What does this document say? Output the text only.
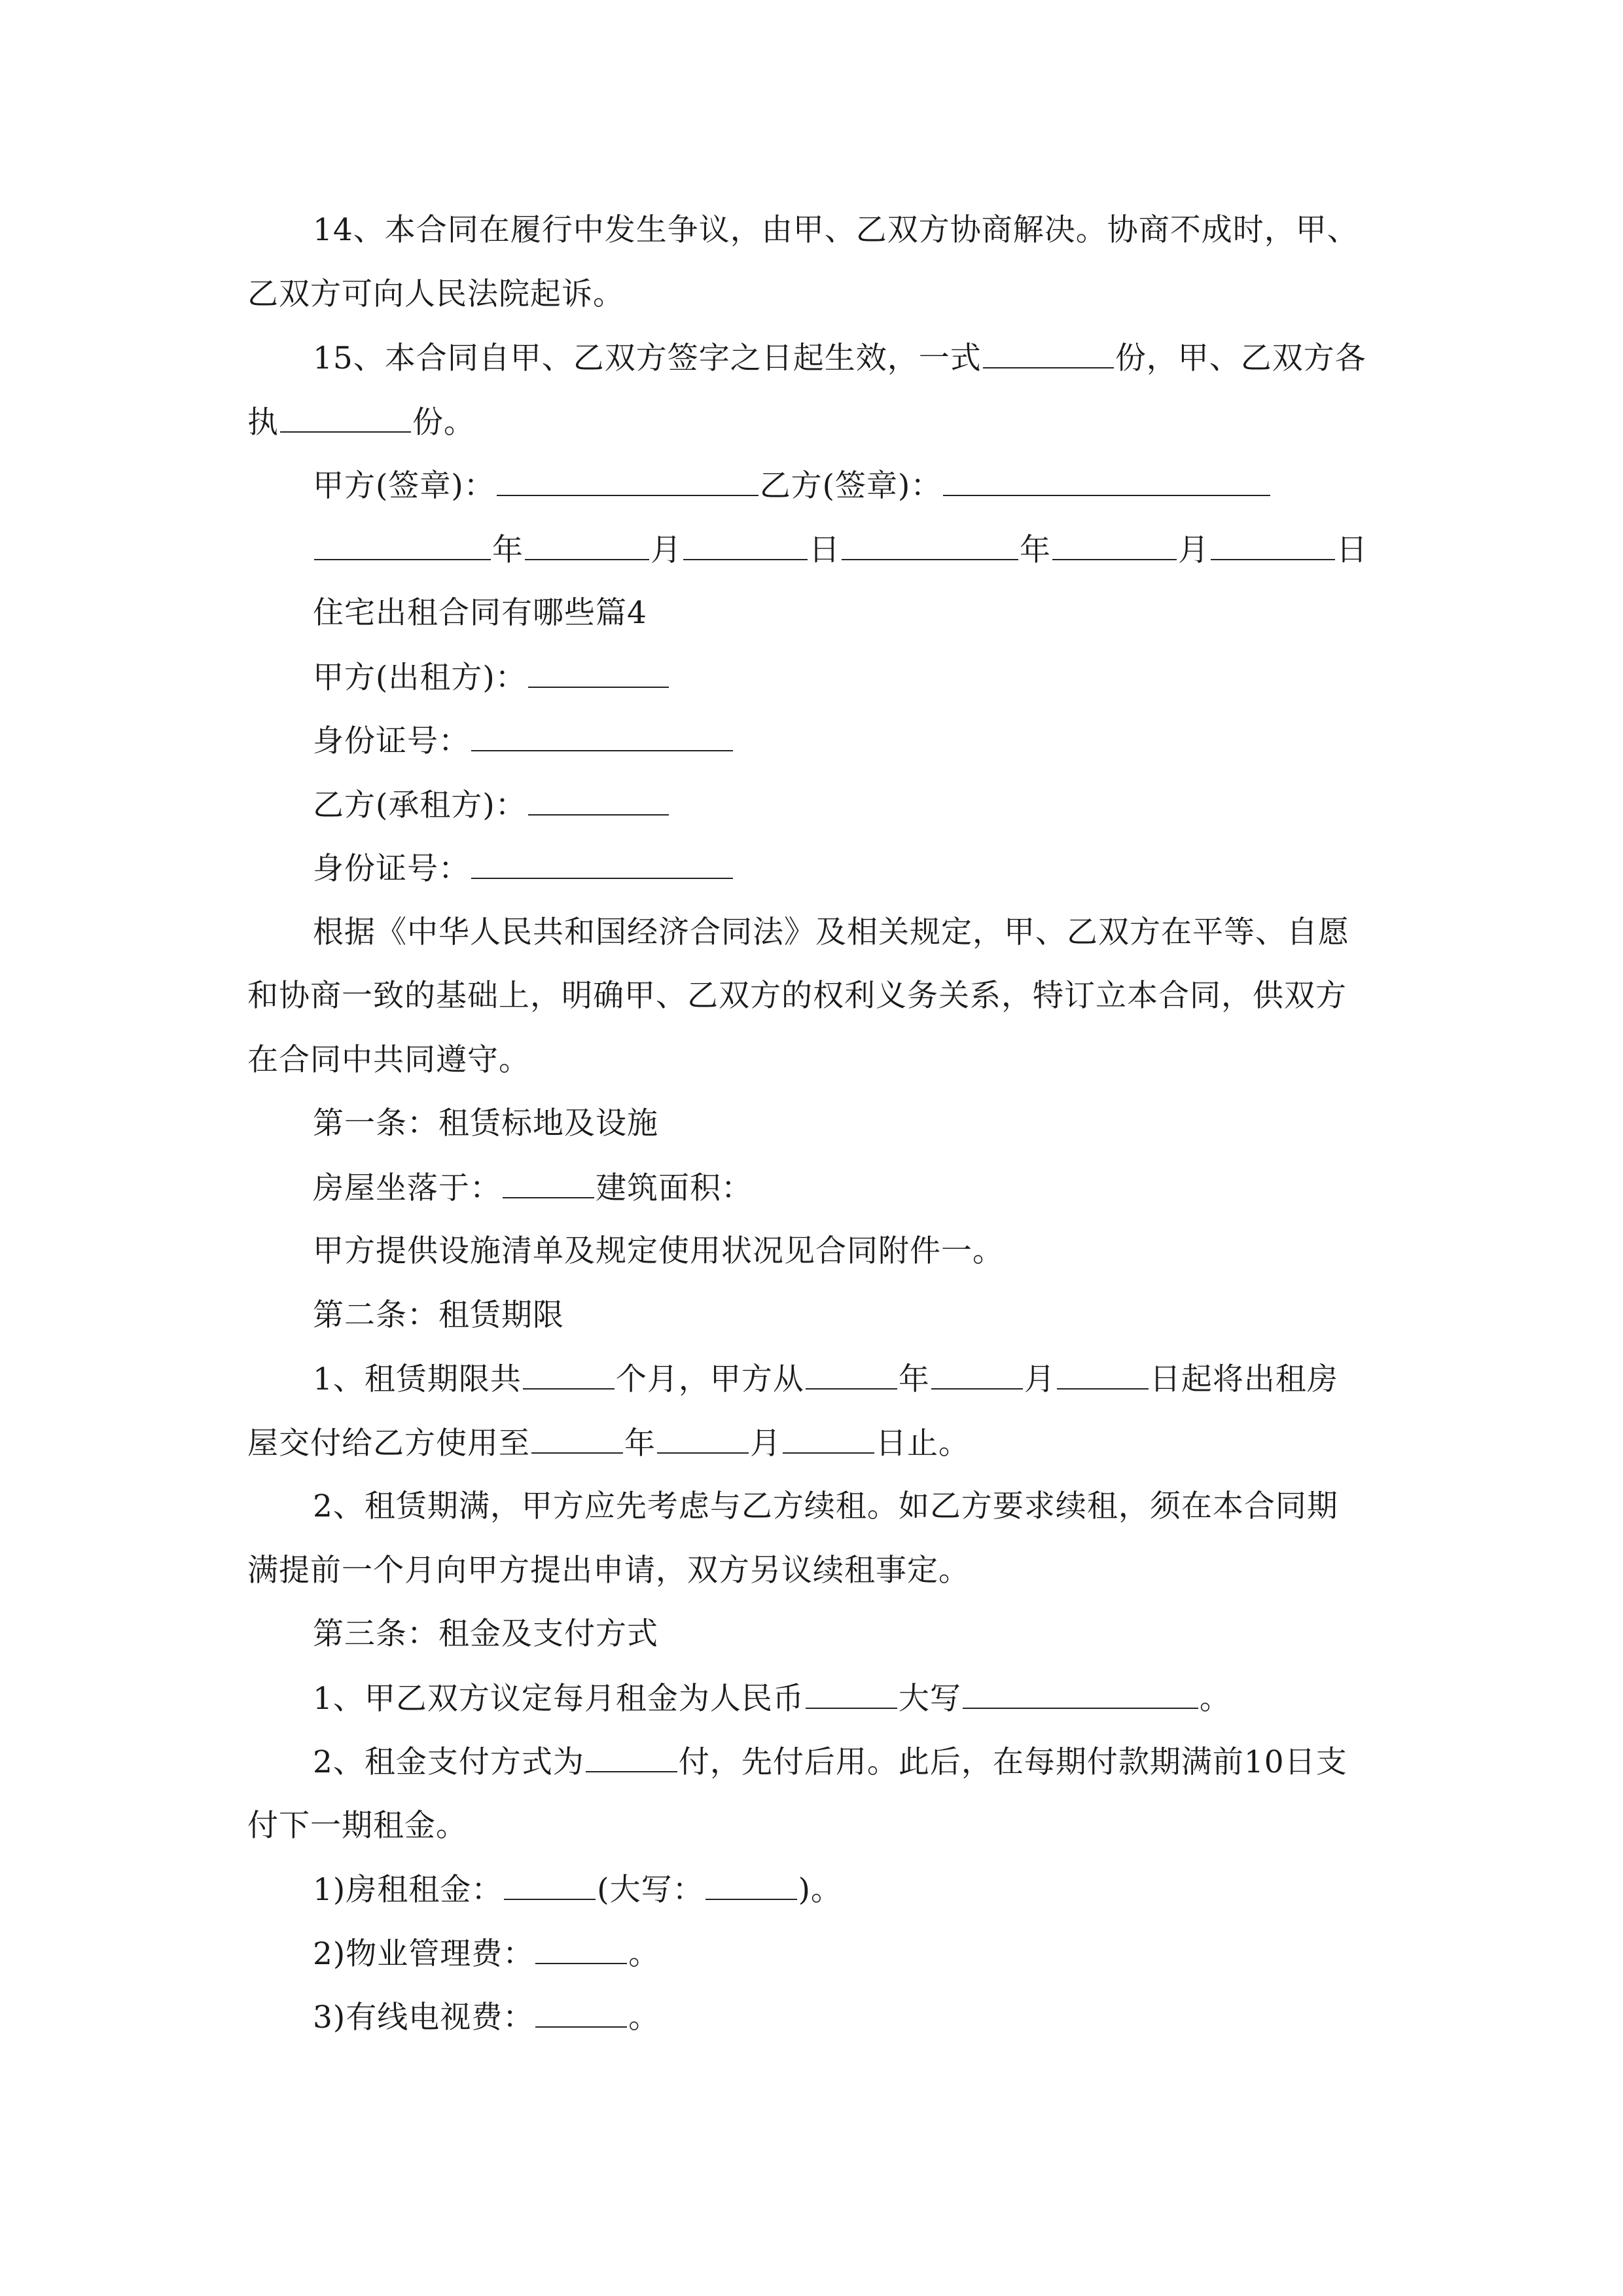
14、本合同在履行中发生争议，由甲、乙双方协商解决。协商不成时，甲、
乙双方可向人民法院起诉。
15、本合同自甲、乙双方签字之日起生效，一式	份，甲、乙双方各
执	份。
甲方(签章)：	乙方(签章)：
年	月	日	年	月	日
住宅出租合同有哪些篇4
甲方(出租方)：
身份证号：
乙方(承租方)：
身份证号：
根据《中华人民共和国经济合同法》及相关规定，甲、乙双方在平等、自愿
和协商一致的基础上，明确甲、乙双方的权利义务关系，特订立本合同，供双方
在合同中共同遵守。
第一条：租赁标地及设施
房屋坐落于：	建筑面积：
甲方提供设施清单及规定使用状况见合同附件一。
第二条：租赁期限
1、租赁期限共	个月，甲方从	年	月	日起将出租房
屋交付给乙方使用至	年	月	日止。
2、租赁期满，甲方应先考虑与乙方续租。如乙方要求续租，须在本合同期
满提前一个月向甲方提出申请，双方另议续租事定。
第三条：租金及支付方式
1、甲乙双方议定每月租金为人民币	大写	。
2、租金支付方式为	付，先付后用。此后，在每期付款期满前10日支
付下一期租金。
1)房租租金：	(大写：	)。
2)物业管理费：	。
3)有线电视费：	。
